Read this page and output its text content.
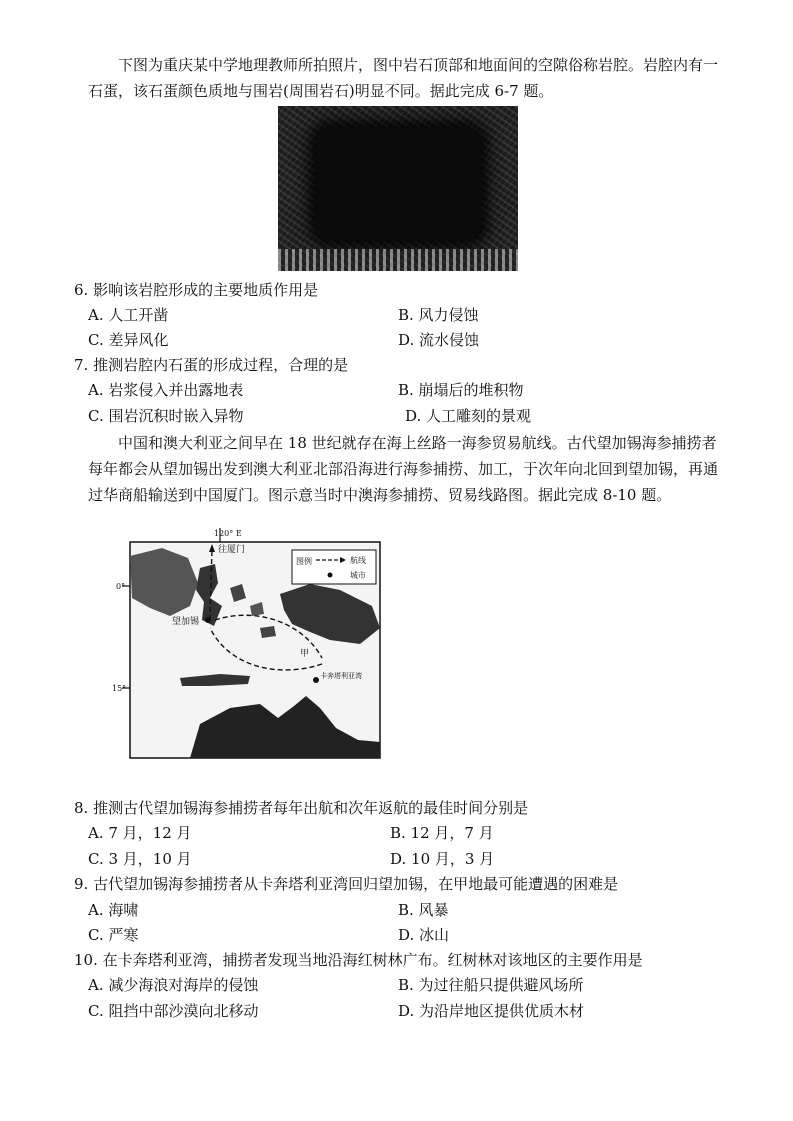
下图为重庆某中学地理教师所拍照片，图中岩石顶部和地面间的空隙俗称岩腔。岩腔内有一石蛋，该石蛋颜色质地与围岩(周围岩石)明显不同。据此完成 6-7 题。

6. 影响该岩腔形成的主要地质作用是

A. 人工开凿	B. 风力侵蚀

C. 差异风化	D. 流水侵蚀

7. 推测岩腔内石蛋的形成过程，合理的是

A. 岩浆侵入并出露地表	B. 崩塌后的堆积物

C. 围岩沉积时嵌入异物	D. 人工雕刻的景观

中国和澳大利亚之间早在 18 世纪就存在海上丝路一海参贸易航线。古代望加锡海参捕捞者每年都会从望加锡出发到澳大利亚北部沿海进行海参捕捞、加工，于次年向北回到望加锡，再通过华商船输送到中国厦门。图示意当时中澳海参捕捞、贸易线路图。据此完成 8-10 题。

120° E
0°
15°
往厦门
望加锡
甲
卡奔塔利亚湾
图例	航线
城市

8. 推测古代望加锡海参捕捞者每年出航和次年返航的最佳时间分别是

A. 7 月，12 月	B. 12 月，7 月

C. 3 月，10 月	D. 10 月，3 月

9. 古代望加锡海参捕捞者从卡奔塔利亚湾回归望加锡，在甲地最可能遭遇的困难是

A. 海啸	B. 风暴

C. 严寒	D. 冰山

10. 在卡奔塔利亚湾，捕捞者发现当地沿海红树林广布。红树林对该地区的主要作用是

A. 减少海浪对海岸的侵蚀	B. 为过往船只提供避风场所

C. 阻挡中部沙漠向北移动	D. 为沿岸地区提供优质木材
